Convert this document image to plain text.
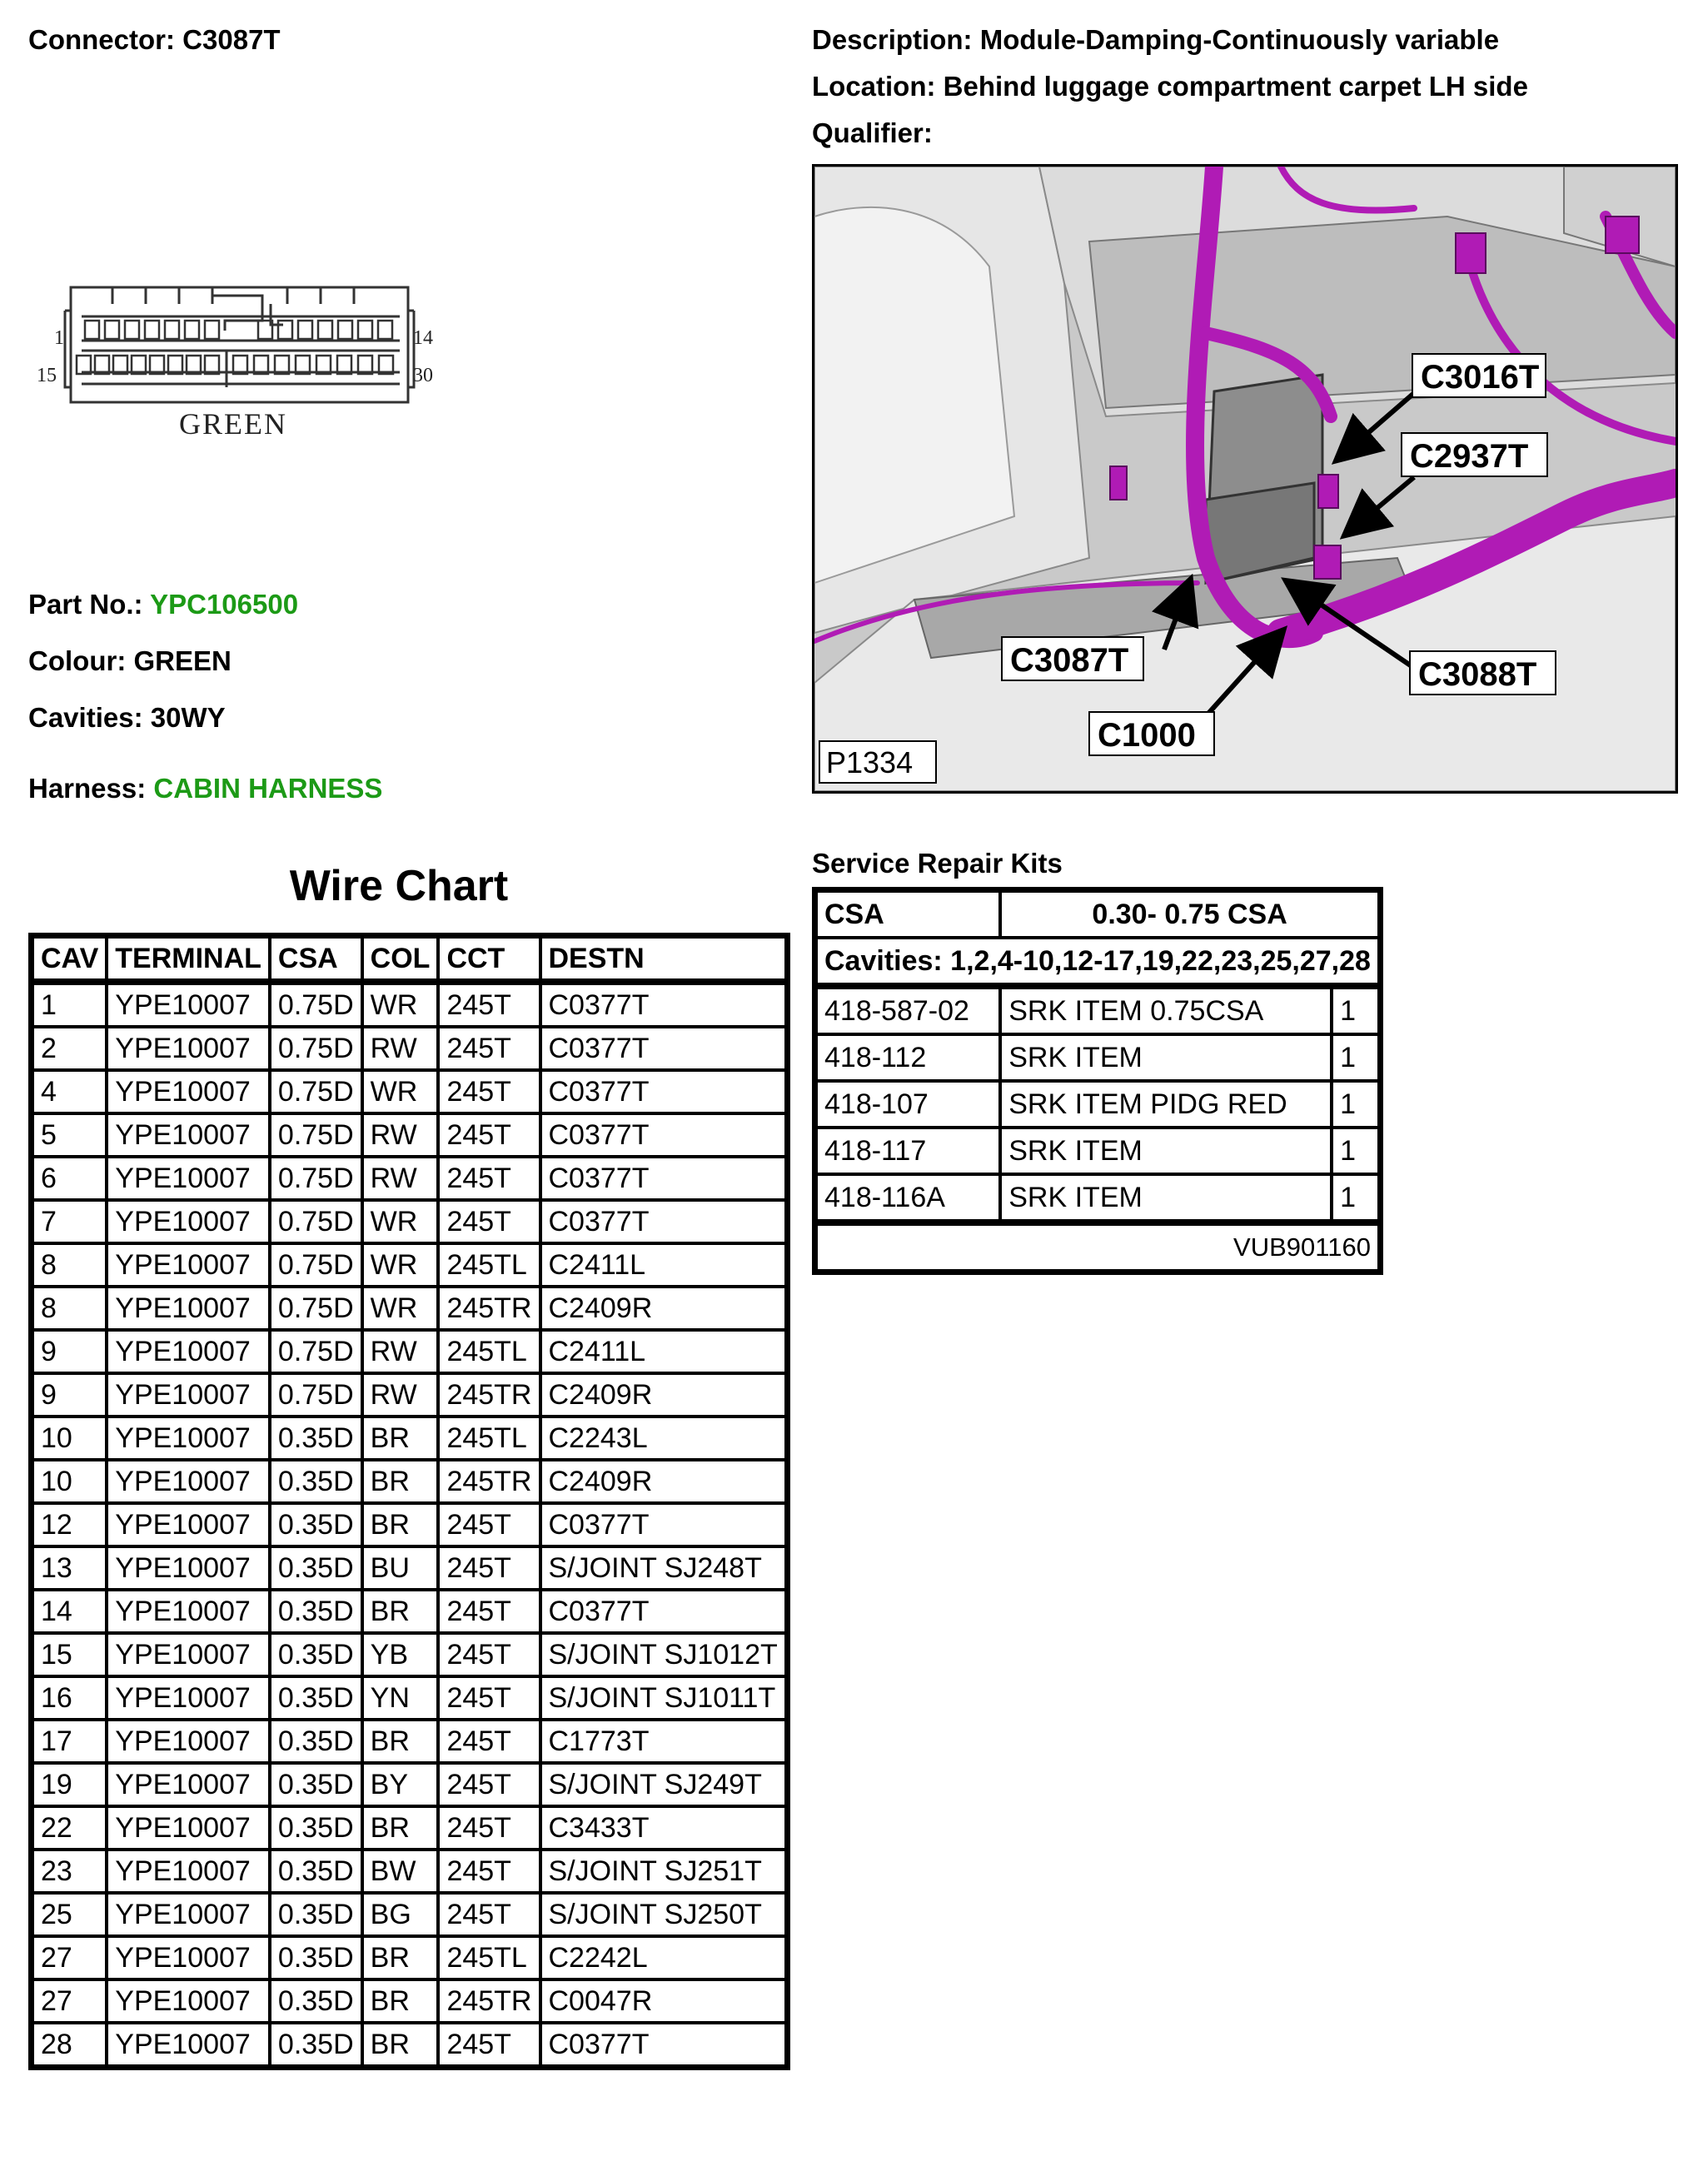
Connector: C3087T	Description: Module-Damping-Continuously variable
Location: Behind luggage compartment carpet LH side
Qualifier:
1	14
15	30
GREEN
Part No.: YPC106500
Colour: GREEN
Cavities: 30WY
Harness: CABIN HARNESS
C3016T
C2937T
C3087T	C3088T
C1000
P1334
Wire Chart
CAV	TERMINAL	CSA	COL	CCT	DESTN
1	YPE10007	0.75D	WR	245T	C0377T
2	YPE10007	0.75D	RW	245T	C0377T
4	YPE10007	0.75D	WR	245T	C0377T
5	YPE10007	0.75D	RW	245T	C0377T
6	YPE10007	0.75D	RW	245T	C0377T
7	YPE10007	0.75D	WR	245T	C0377T
8	YPE10007	0.75D	WR	245TL	C2411L
8	YPE10007	0.75D	WR	245TR	C2409R
9	YPE10007	0.75D	RW	245TL	C2411L
9	YPE10007	0.75D	RW	245TR	C2409R
10	YPE10007	0.35D	BR	245TL	C2243L
10	YPE10007	0.35D	BR	245TR	C2409R
12	YPE10007	0.35D	BR	245T	C0377T
13	YPE10007	0.35D	BU	245T	S/JOINT SJ248T
14	YPE10007	0.35D	BR	245T	C0377T
15	YPE10007	0.35D	YB	245T	S/JOINT SJ1012T
16	YPE10007	0.35D	YN	245T	S/JOINT SJ1011T
17	YPE10007	0.35D	BR	245T	C1773T
19	YPE10007	0.35D	BY	245T	S/JOINT SJ249T
22	YPE10007	0.35D	BR	245T	C3433T
23	YPE10007	0.35D	BW	245T	S/JOINT SJ251T
25	YPE10007	0.35D	BG	245T	S/JOINT SJ250T
27	YPE10007	0.35D	BR	245TL	C2242L
27	YPE10007	0.35D	BR	245TR	C0047R
28	YPE10007	0.35D	BR	245T	C0377T
Service Repair Kits
CSA	0.30- 0.75 CSA	
Cavities: 1,2,4-10,12-17,19,22,23,25,27,28		
418-587-02	SRK ITEM 0.75CSA	1
418-112	SRK ITEM	1
418-107	SRK ITEM PIDG RED	1
418-117	SRK ITEM	1
418-116A	SRK ITEM	1
VUB901160		
